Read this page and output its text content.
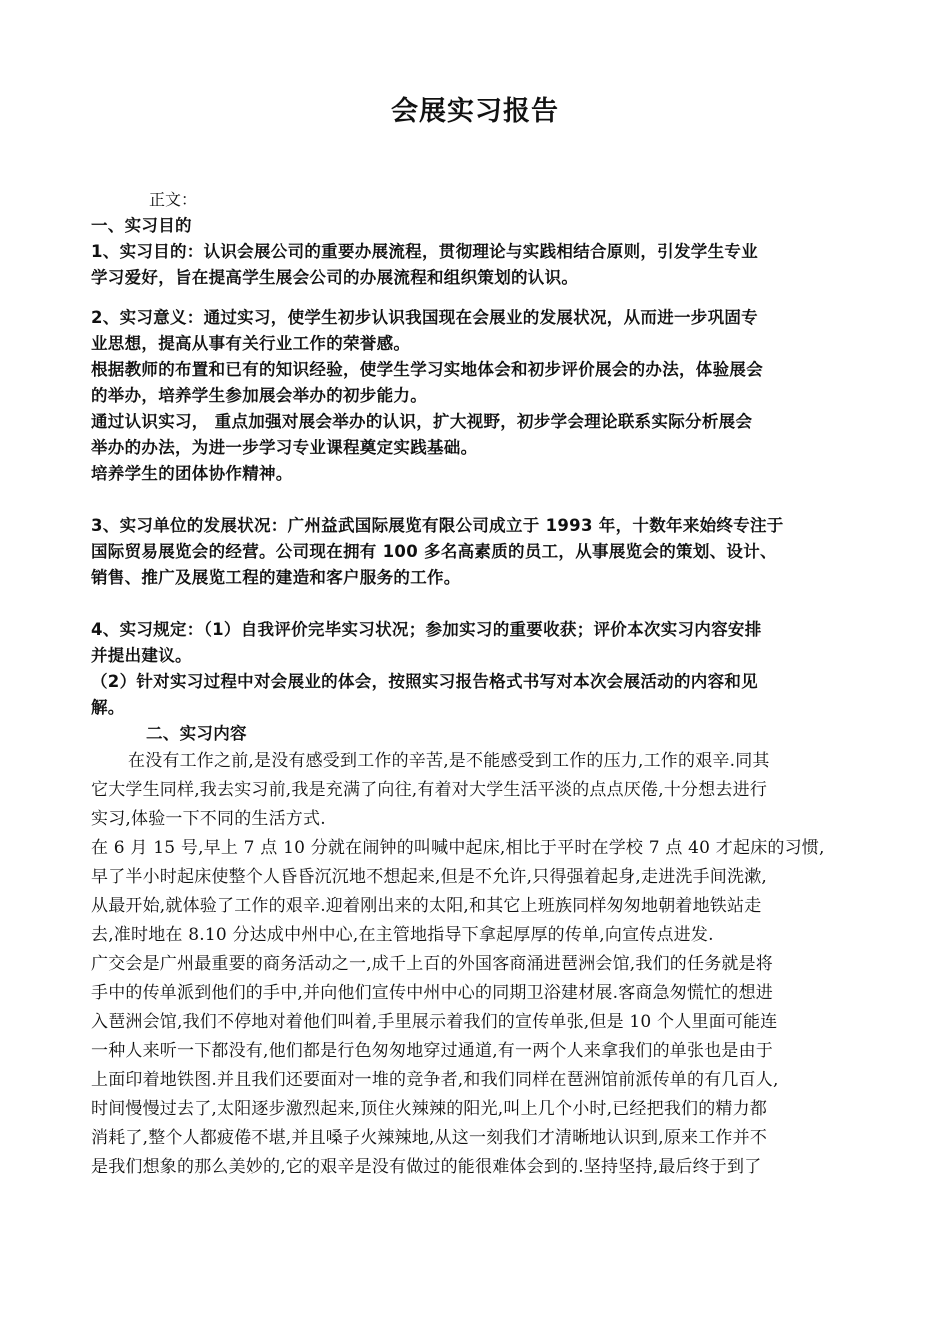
会展实习报告
正文：
一、实习目的
1、实习目的：认识会展公司的重要办展流程，贯彻理论与实践相结合原则，引发学生专业
学习爱好，旨在提高学生展会公司的办展流程和组织策划的认识。
2、实习意义：通过实习，使学生初步认识我国现在会展业的发展状况，从而进一步巩固专
业思想，提高从事有关行业工作的荣誉感。
根据教师的布置和已有的知识经验，使学生学习实地体会和初步评价展会的办法，体验展会
的举办，培养学生参加展会举办的初步能力。
通过认识实习， 重点加强对展会举办的认识，扩大视野，初步学会理论联系实际分析展会
举办的办法，为进一步学习专业课程奠定实践基础。
培养学生的团体协作精神。
3、实习单位的发展状况：广州益武国际展览有限公司成立于 1993 年，十数年来始终专注于
国际贸易展览会的经营。公司现在拥有 100 多名高素质的员工，从事展览会的策划、设计、
销售、推广及展览工程的建造和客户服务的工作。
4、实习规定：（1）自我评价完毕实习状况；参加实习的重要收获；评价本次实习内容安排
并提出建议。
（2）针对实习过程中对会展业的体会，按照实习报告格式书写对本次会展活动的内容和见
解。
二、实习内容
在没有工作之前,是没有感受到工作的辛苦,是不能感受到工作的压力,工作的艰辛.同其
它大学生同样,我去实习前,我是充满了向往,有着对大学生活平淡的点点厌倦,十分想去进行
实习,体验一下不同的生活方式.
在 6 月 15 号,早上 7 点 10 分就在闹钟的叫喊中起床,相比于平时在学校 7 点 40 才起床的习惯,
早了半小时起床使整个人昏昏沉沉地不想起来,但是不允许,只得强着起身,走进洗手间洗漱,
从最开始,就体验了工作的艰辛.迎着刚出来的太阳,和其它上班族同样匆匆地朝着地铁站走
去,准时地在 8.10 分达成中州中心,在主管地指导下拿起厚厚的传单,向宣传点进发.
广交会是广州最重要的商务活动之一,成千上百的外国客商涌进琶洲会馆,我们的任务就是将
手中的传单派到他们的手中,并向他们宣传中州中心的同期卫浴建材展.客商急匆慌忙的想进
入琶洲会馆,我们不停地对着他们叫着,手里展示着我们的宣传单张,但是 10 个人里面可能连
一种人来听一下都没有,他们都是行色匆匆地穿过通道,有一两个人来拿我们的单张也是由于
上面印着地铁图.并且我们还要面对一堆的竞争者,和我们同样在琶洲馆前派传单的有几百人,
时间慢慢过去了,太阳逐步激烈起来,顶住火辣辣的阳光,叫上几个小时,已经把我们的精力都
消耗了,整个人都疲倦不堪,并且嗓子火辣辣地,从这一刻我们才清晰地认识到,原来工作并不
是我们想象的那么美妙的,它的艰辛是没有做过的能很难体会到的.坚持坚持,最后终于到了
